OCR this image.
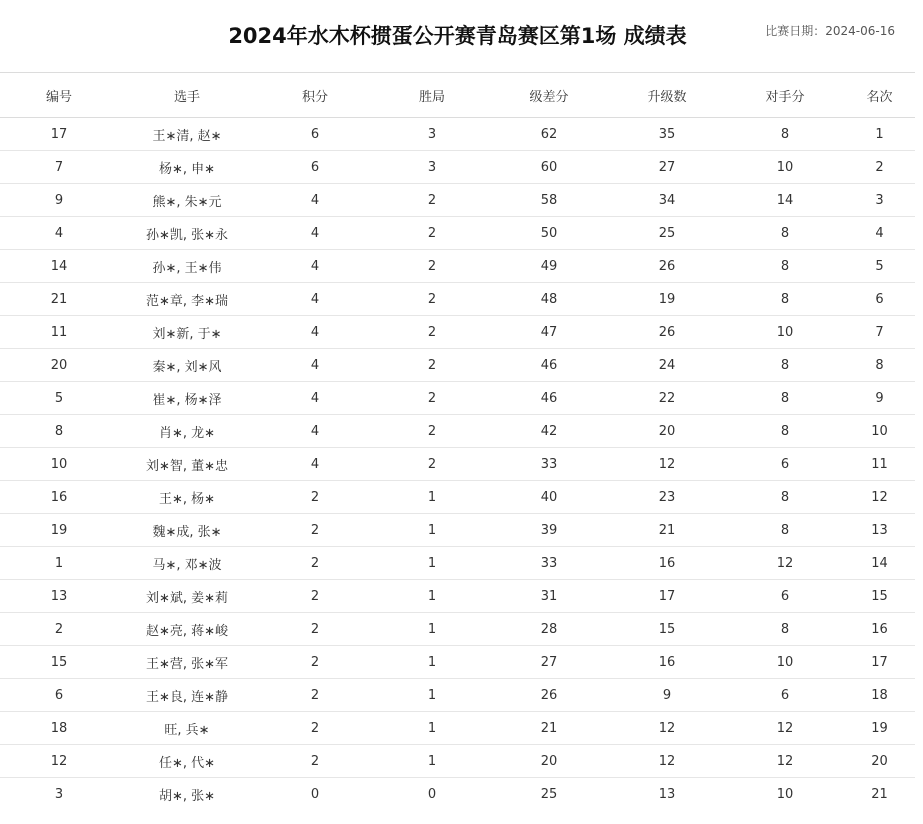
2024年水木杯掼蛋公开赛青岛赛区第1场 成绩表	比赛日期：2024-06-16
编号	选手	积分	胜局	级差分	升级数	对手分	名次
17	王∗清, 赵∗	6	3	62	35	8	1
7	杨∗, 申∗	6	3	60	27	10	2
9	熊∗, 朱∗元	4	2	58	34	14	3
4	孙∗凯, 张∗永	4	2	50	25	8	4
14	孙∗, 王∗伟	4	2	49	26	8	5
21	范∗章, 李∗瑞	4	2	48	19	8	6
11	刘∗新, 于∗	4	2	47	26	10	7
20	秦∗, 刘∗风	4	2	46	24	8	8
5	崔∗, 杨∗泽	4	2	46	22	8	9
8	肖∗, 龙∗	4	2	42	20	8	10
10	刘∗智, 董∗忠	4	2	33	12	6	11
16	王∗, 杨∗	2	1	40	23	8	12
19	魏∗成, 张∗	2	1	39	21	8	13
1	马∗, 邓∗波	2	1	33	16	12	14
13	刘∗斌, 姜∗莉	2	1	31	17	6	15
2	赵∗亮, 蒋∗峻	2	1	28	15	8	16
15	王∗营, 张∗军	2	1	27	16	10	17
6	王∗良, 连∗静	2	1	26	9	6	18
18	旺, 兵∗	2	1	21	12	12	19
12	任∗, 代∗	2	1	20	12	12	20
3	胡∗, 张∗	0	0	25	13	10	21
